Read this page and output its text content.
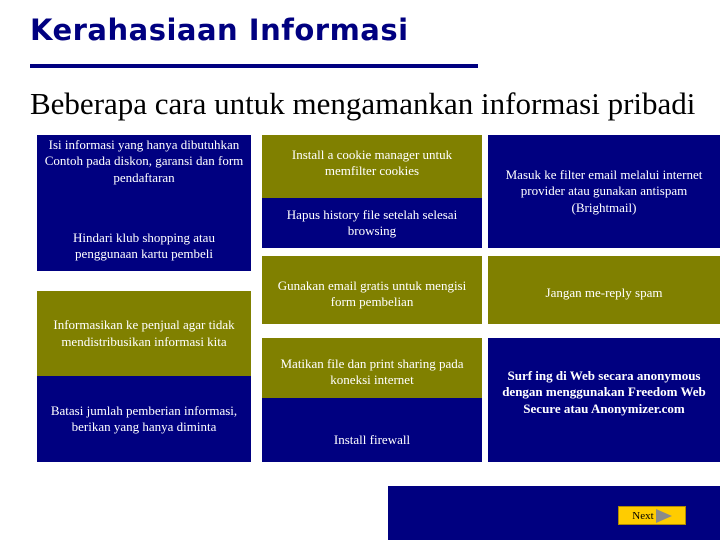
Kerahasiaan Informasi
Beberapa cara untuk mengamankan informasi pribadi
Isi informasi yang hanya dibutuhkan
Contoh pada diskon, garansi dan form pendaftaran
Hindari klub shopping atau penggunaan kartu pembeli
Informasikan ke penjual agar tidak mendistribusikan informasi kita
Batasi jumlah pemberian informasi, berikan yang hanya diminta
Install a cookie manager untuk memfilter cookies
Hapus history file setelah selesai browsing
Gunakan email gratis untuk mengisi form pembelian
Matikan file dan print sharing pada koneksi internet
Install firewall
Masuk ke filter email melalui internet provider atau gunakan antispam (Brightmail)
Jangan me-reply spam
Surf ing di Web secara anonymous dengan menggunakan Freedom Web Secure atau Anonymizer.com
Next
